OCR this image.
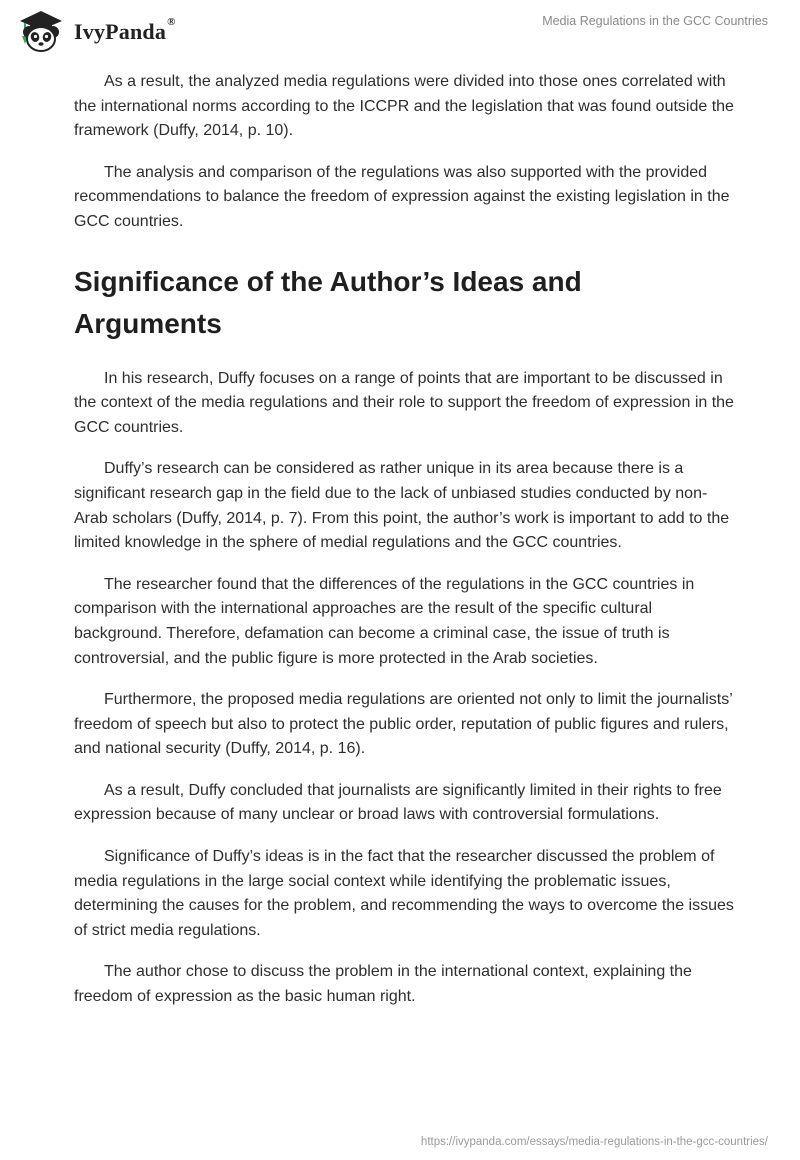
IvyPanda®	Media Regulations in the GCC Countries

As a result, the analyzed media regulations were divided into those ones correlated with the international norms according to the ICCPR and the legislation that was found outside the framework (Duffy, 2014, p. 10).

The analysis and comparison of the regulations was also supported with the provided recommendations to balance the freedom of expression against the existing legislation in the GCC countries.

Significance of the Author’s Ideas and Arguments

In his research, Duffy focuses on a range of points that are important to be discussed in the context of the media regulations and their role to support the freedom of expression in the GCC countries.

Duffy’s research can be considered as rather unique in its area because there is a significant research gap in the field due to the lack of unbiased studies conducted by non-Arab scholars (Duffy, 2014, p. 7). From this point, the author’s work is important to add to the limited knowledge in the sphere of medial regulations and the GCC countries.

The researcher found that the differences of the regulations in the GCC countries in comparison with the international approaches are the result of the specific cultural background. Therefore, defamation can become a criminal case, the issue of truth is controversial, and the public figure is more protected in the Arab societies.

Furthermore, the proposed media regulations are oriented not only to limit the journalists’ freedom of speech but also to protect the public order, reputation of public figures and rulers, and national security (Duffy, 2014, p. 16).

As a result, Duffy concluded that journalists are significantly limited in their rights to free expression because of many unclear or broad laws with controversial formulations.

Significance of Duffy’s ideas is in the fact that the researcher discussed the problem of media regulations in the large social context while identifying the problematic issues, determining the causes for the problem, and recommending the ways to overcome the issues of strict media regulations.

The author chose to discuss the problem in the international context, explaining the freedom of expression as the basic human right.

https://ivypanda.com/essays/media-regulations-in-the-gcc-countries/
